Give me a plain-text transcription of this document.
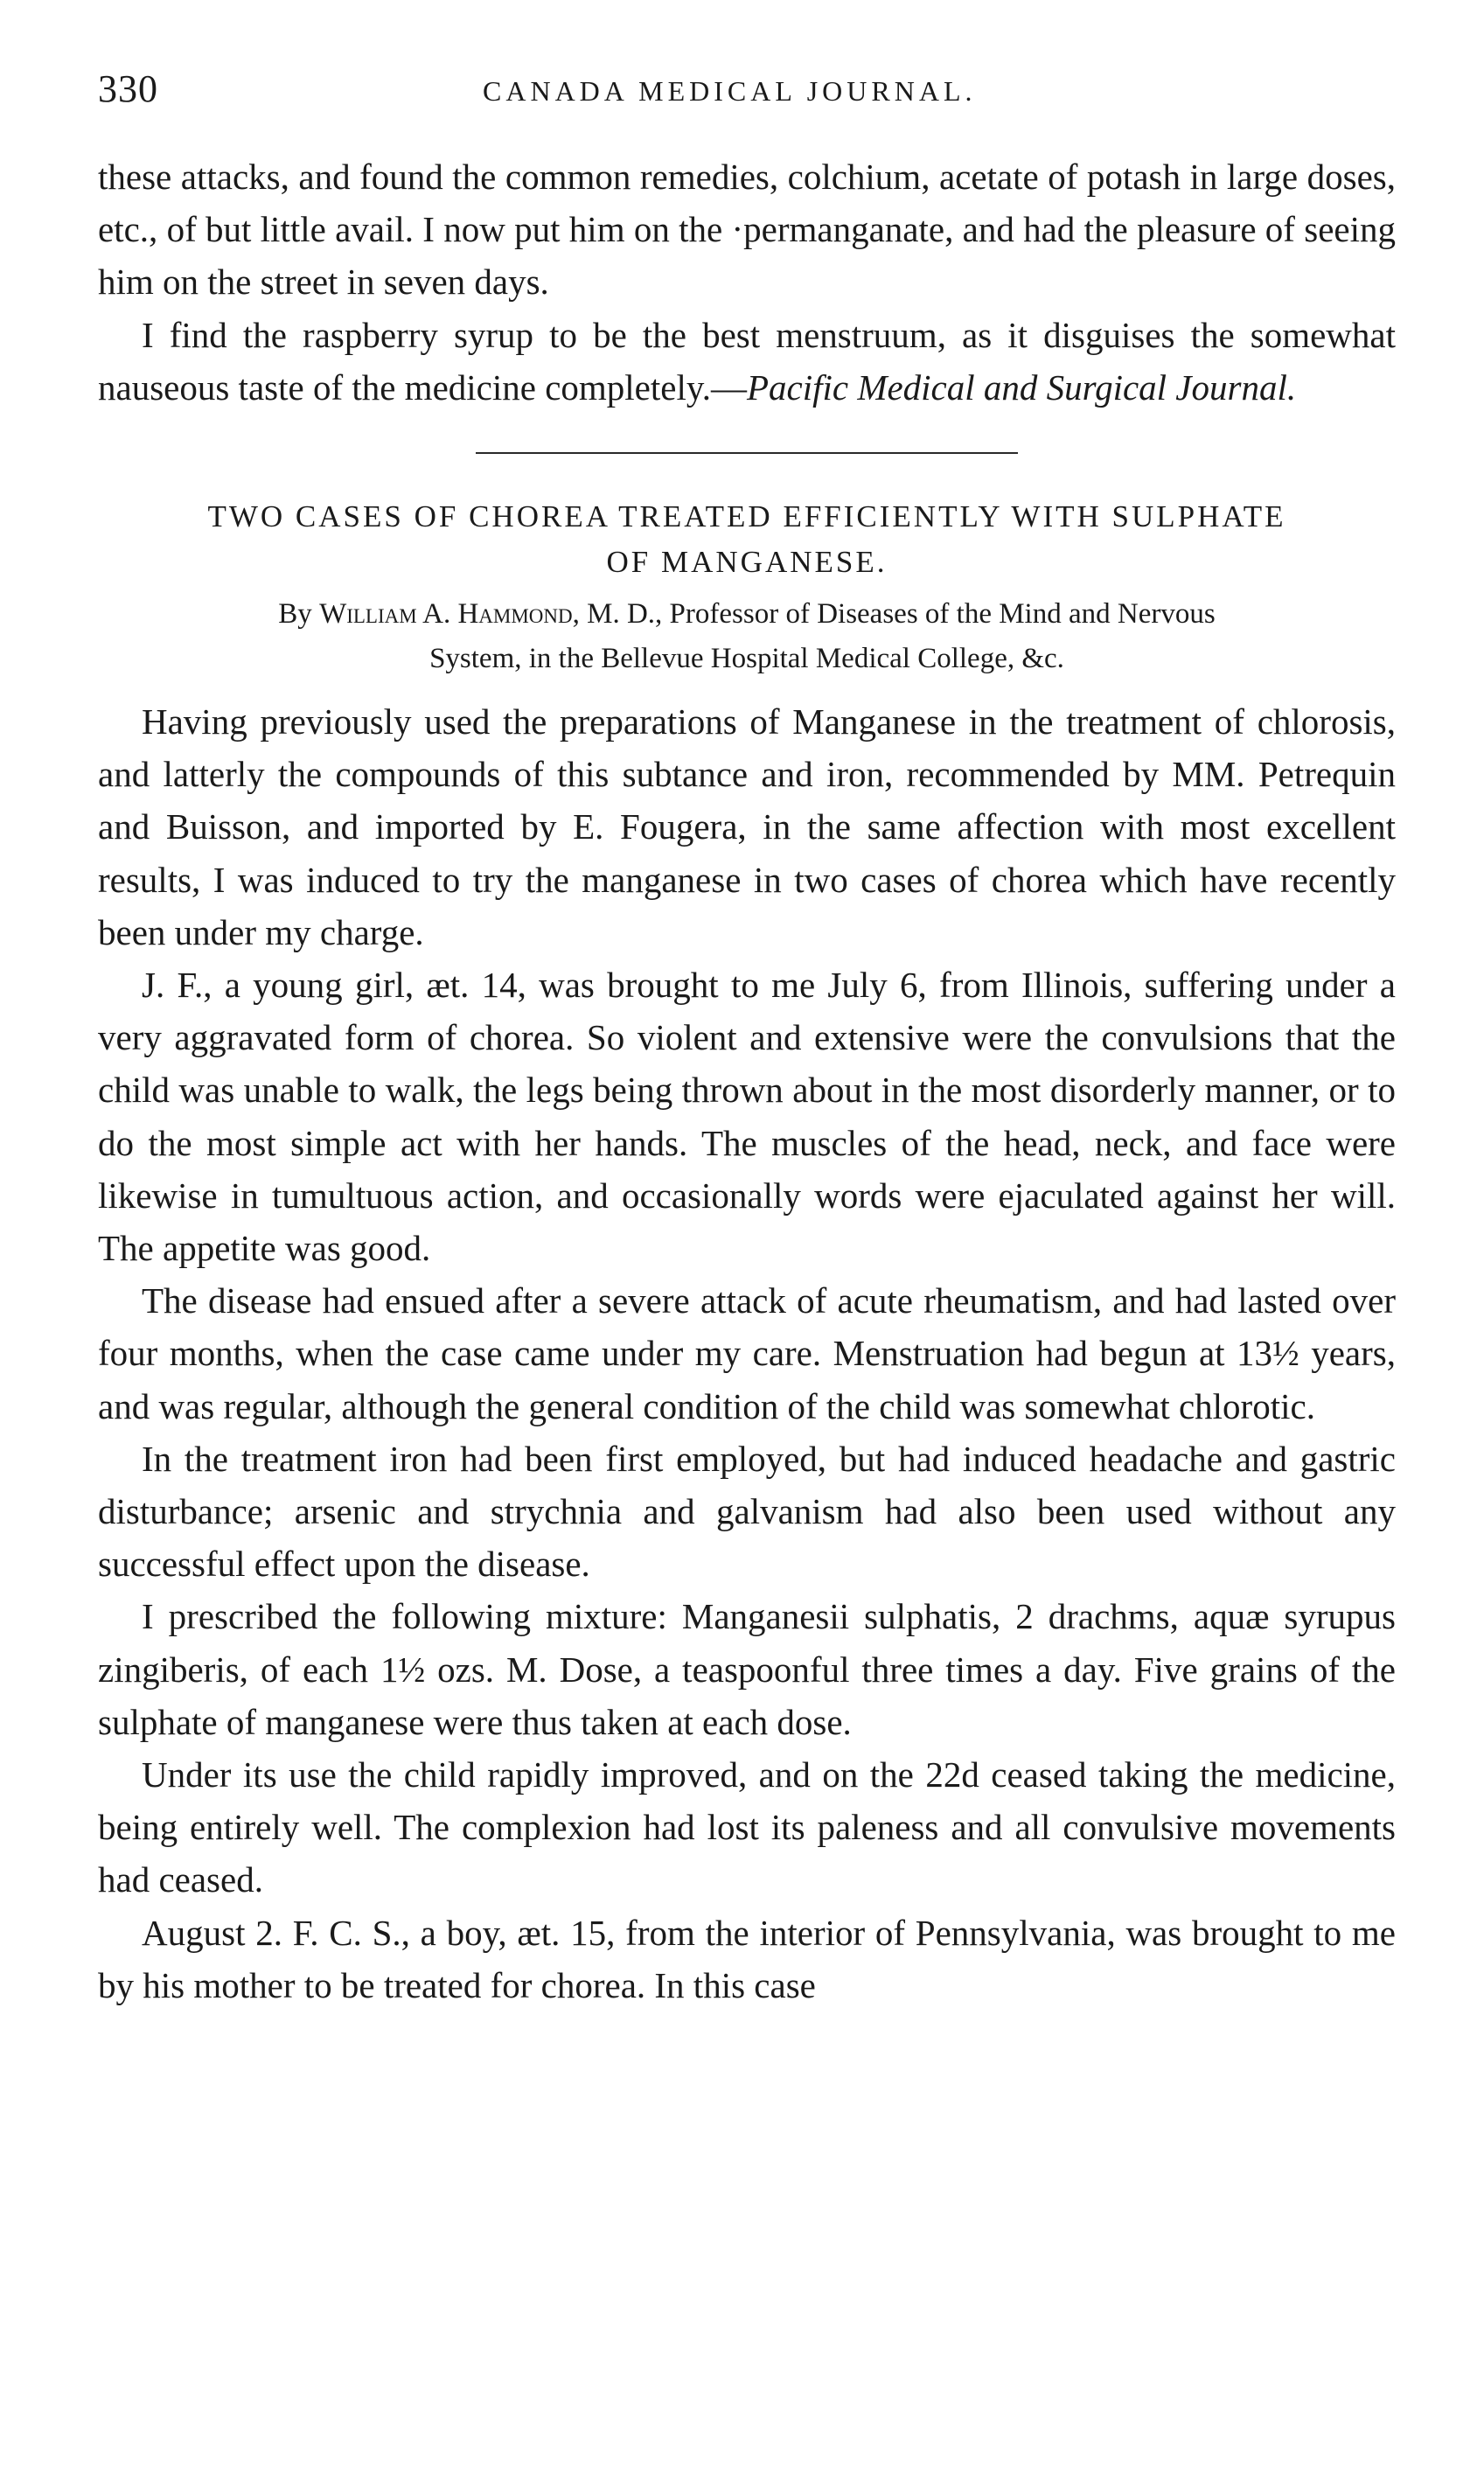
330	CANADA MEDICAL JOURNAL.

these attacks, and found the common remedies, colchium, acetate of potash in large doses, etc., of but little avail. I now put him on the ·permanganate, and had the pleasure of seeing him on the street in seven days.

I find the raspberry syrup to be the best menstruum, as it disguises the somewhat nauseous taste of the medicine completely.—Pacific Medical and Surgical Journal.

TWO CASES OF CHOREA TREATED EFFICIENTLY WITH SULPHATE
OF MANGANESE.
By William A. Hammond, M. D., Professor of Diseases of the Mind and Nervous
System, in the Bellevue Hospital Medical College, &c.

Having previously used the preparations of Manganese in the treatment of chlorosis, and latterly the compounds of this subtance and iron, recommended by MM. Petrequin and Buisson, and imported by E. Fougera, in the same affection with most excellent results, I was induced to try the manganese in two cases of chorea which have recently been under my charge.

J. F., a young girl, æt. 14, was brought to me July 6, from Illinois, suffering under a very aggravated form of chorea. So violent and extensive were the convulsions that the child was unable to walk, the legs being thrown about in the most disorderly manner, or to do the most simple act with her hands. The muscles of the head, neck, and face were likewise in tumultuous action, and occasionally words were ejaculated against her will. The appetite was good.

The disease had ensued after a severe attack of acute rheumatism, and had lasted over four months, when the case came under my care. Menstruation had begun at 13½ years, and was regular, although the general condition of the child was somewhat chlorotic.

In the treatment iron had been first employed, but had induced headache and gastric disturbance; arsenic and strychnia and galvanism had also been used without any successful effect upon the disease.

I prescribed the following mixture: Manganesii sulphatis, 2 drachms, aquæ syrupus zingiberis, of each 1½ ozs. M. Dose, a teaspoonful three times a day. Five grains of the sulphate of manganese were thus taken at each dose.

Under its use the child rapidly improved, and on the 22d ceased taking the medicine, being entirely well. The complexion had lost its paleness and all convulsive movements had ceased.

August 2. F. C. S., a boy, æt. 15, from the interior of Pennsylvania, was brought to me by his mother to be treated for chorea. In this case
